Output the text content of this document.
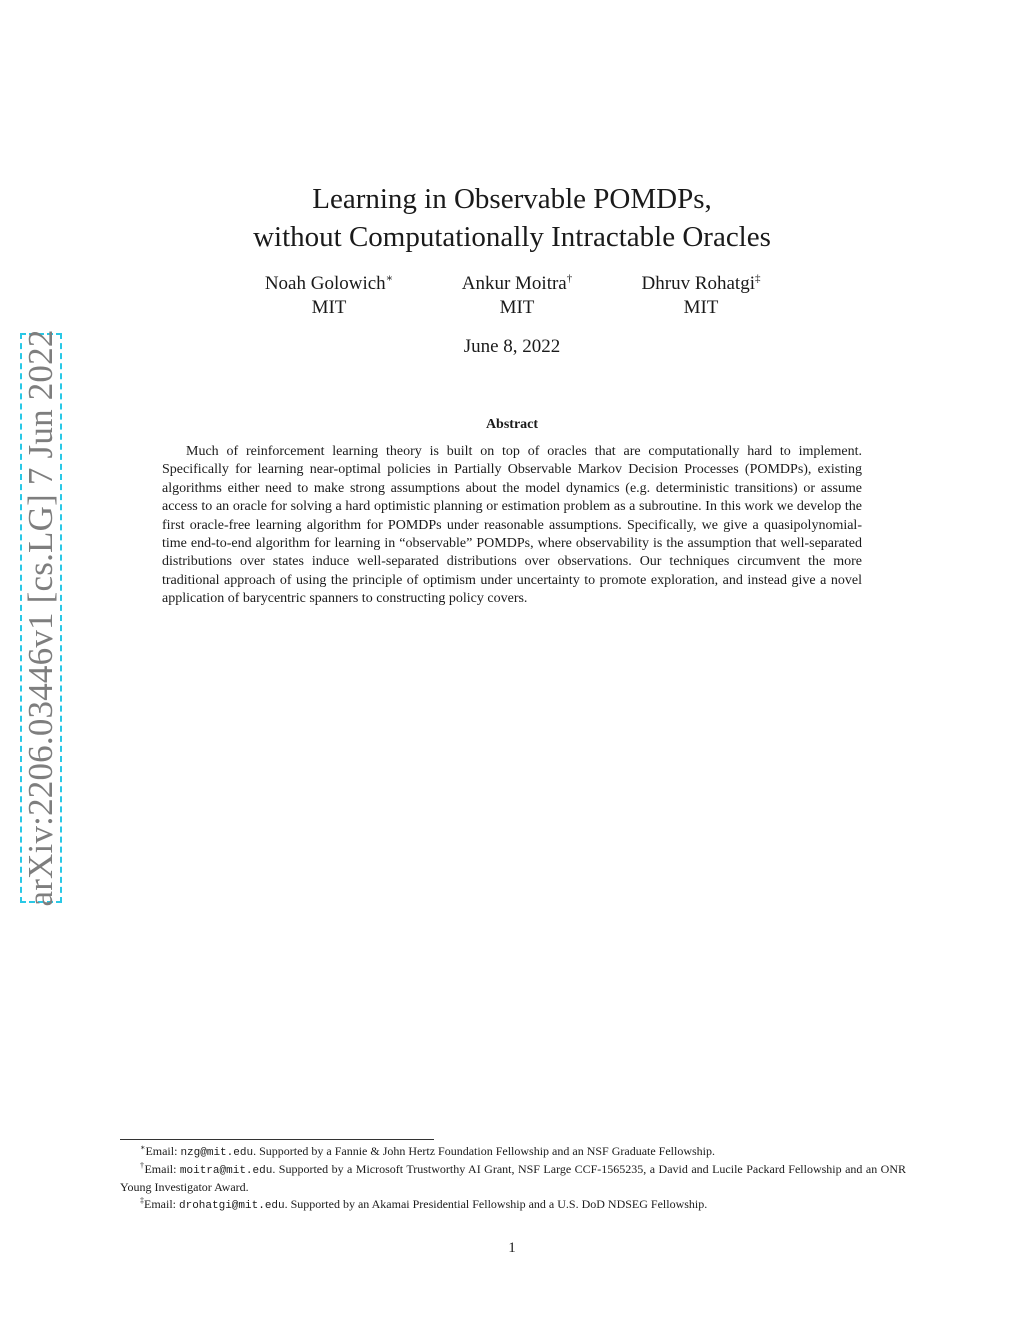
arXiv:2206.03446v1 [cs.LG] 7 Jun 2022
Learning in Observable POMDPs,
without Computationally Intractable Oracles
Noah Golowich∗
MIT
Ankur Moitra†
MIT
Dhruv Rohatgi‡
MIT
June 8, 2022
Abstract
Much of reinforcement learning theory is built on top of oracles that are computationally hard to implement. Specifically for learning near-optimal policies in Partially Observable Markov Decision Processes (POMDPs), existing algorithms either need to make strong assumptions about the model dynamics (e.g. deterministic transitions) or assume access to an oracle for solving a hard optimistic planning or estimation problem as a subroutine. In this work we develop the first oracle-free learning algorithm for POMDPs under reasonable assumptions. Specifically, we give a quasipolynomial-time end-to-end algorithm for learning in “observable” POMDPs, where observability is the assumption that well-separated distributions over states induce well-separated distributions over observations. Our techniques circumvent the more traditional approach of using the principle of optimism under uncertainty to promote exploration, and instead give a novel application of barycentric spanners to constructing policy covers.
∗Email: nzg@mit.edu. Supported by a Fannie & John Hertz Foundation Fellowship and an NSF Graduate Fellowship.
†Email: moitra@mit.edu. Supported by a Microsoft Trustworthy AI Grant, NSF Large CCF-1565235, a David and Lucile Packard Fellowship and an ONR Young Investigator Award.
‡Email: drohatgi@mit.edu. Supported by an Akamai Presidential Fellowship and a U.S. DoD NDSEG Fellowship.
1
